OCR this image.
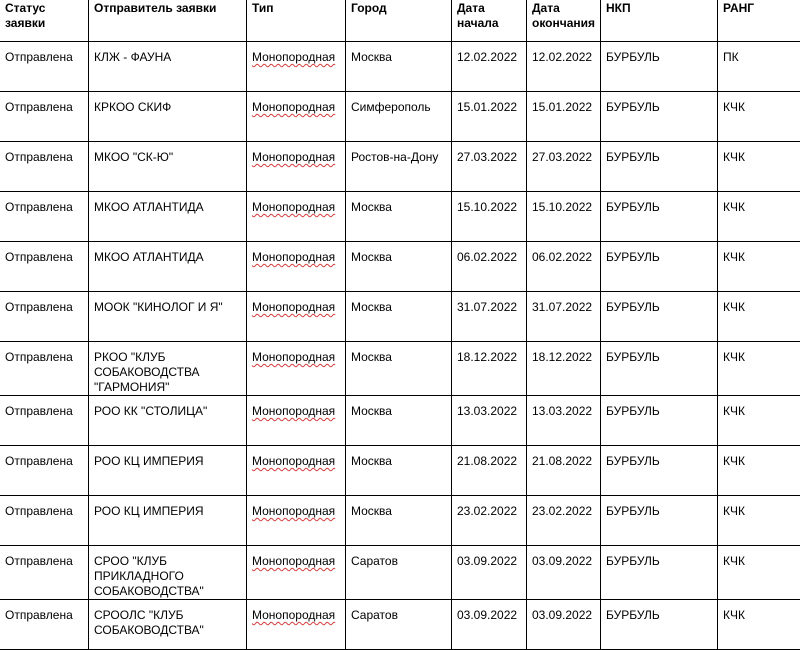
Статус заявки	Отправитель заявки	Тип	Город	Дата начала	Дата окончания	НКП	РАНГ
Отправлена	КЛЖ - ФАУНА	Монопородная	Москва	12.02.2022	12.02.2022	БУРБУЛЬ	ПК
Отправлена	КРКОО СКИФ	Монопородная	Симферополь	15.01.2022	15.01.2022	БУРБУЛЬ	КЧК
Отправлена	МКОО "СК-Ю"	Монопородная	Ростов-на-Дону	27.03.2022	27.03.2022	БУРБУЛЬ	КЧК
Отправлена	МКОО АТЛАНТИДА	Монопородная	Москва	15.10.2022	15.10.2022	БУРБУЛЬ	КЧК
Отправлена	МКОО АТЛАНТИДА	Монопородная	Москва	06.02.2022	06.02.2022	БУРБУЛЬ	КЧК
Отправлена	МООК "КИНОЛОГ И Я"	Монопородная	Москва	31.07.2022	31.07.2022	БУРБУЛЬ	КЧК
Отправлена	РКОО "КЛУБ СОБАКОВОДСТВА "ГАРМОНИЯ"	Монопородная	Москва	18.12.2022	18.12.2022	БУРБУЛЬ	КЧК
Отправлена	РОО КК "СТОЛИЦА"	Монопородная	Москва	13.03.2022	13.03.2022	БУРБУЛЬ	КЧК
Отправлена	РОО КЦ ИМПЕРИЯ	Монопородная	Москва	21.08.2022	21.08.2022	БУРБУЛЬ	КЧК
Отправлена	РОО КЦ ИМПЕРИЯ	Монопородная	Москва	23.02.2022	23.02.2022	БУРБУЛЬ	КЧК
Отправлена	СРОО "КЛУБ ПРИКЛАДНОГО СОБАКОВОДСТВА"	Монопородная	Саратов	03.09.2022	03.09.2022	БУРБУЛЬ	КЧК
Отправлена	СРООЛС "КЛУБ СОБАКОВОДСТВА"	Монопородная	Саратов	03.09.2022	03.09.2022	БУРБУЛЬ	КЧК
